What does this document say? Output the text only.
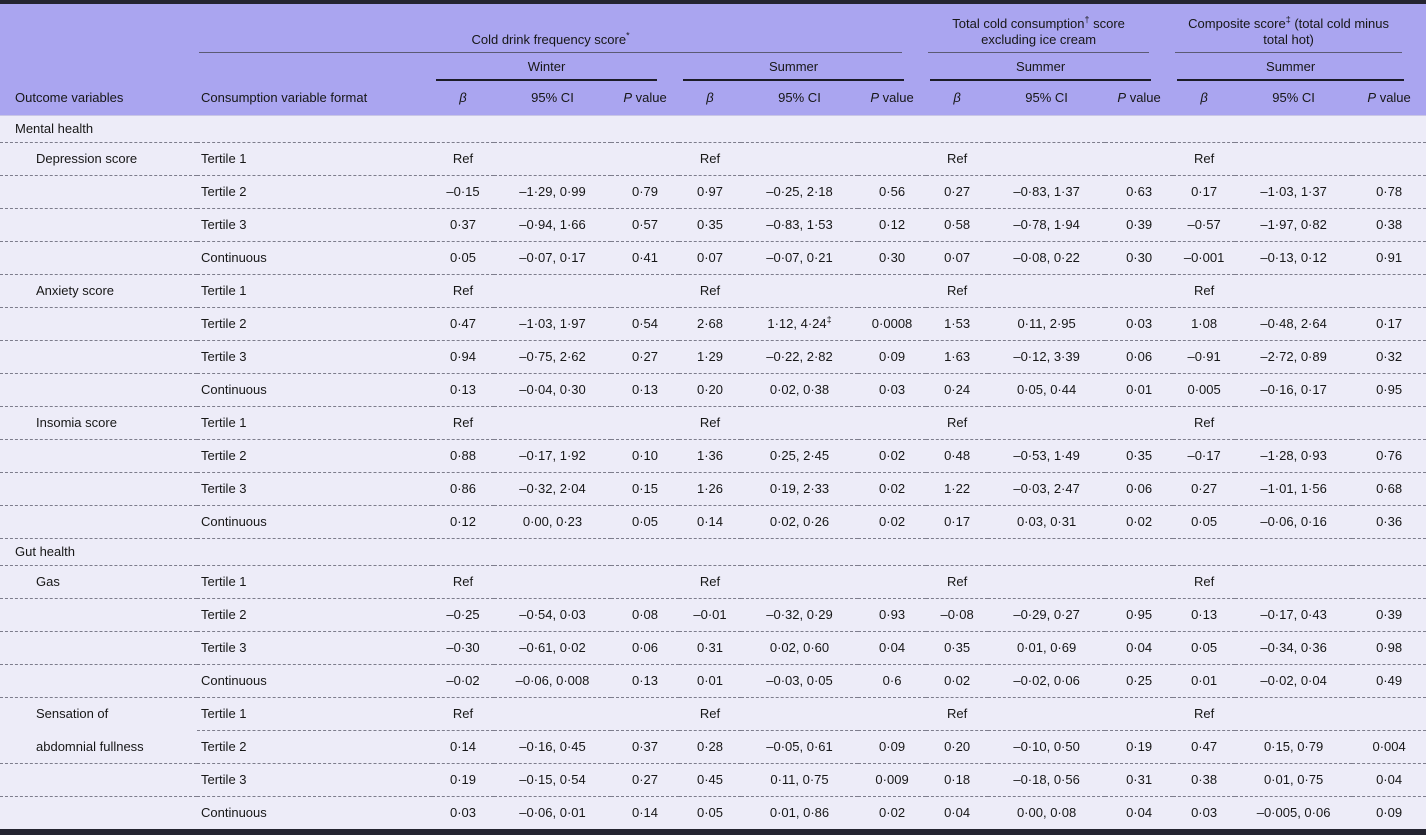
	Cold drink frequency score*							Total cold consumption† score excluding ice cream			Composite score‡ (total cold minus total hot)		

		Winter			Summer			Summer			Summer		

Outcome variables	Consumption variable format	β	95% CI	P value	β	95% CI	P value	β	95% CI	P value	β	95% CI	P value
Mental health													
Depression score	Tertile 1	Ref			Ref			Ref			Ref		
	Tertile 2	–0·15	–1·29, 0·99	0·79	0·97	–0·25, 2·18	0·56	0·27	–0·83, 1·37	0·63	0·17	–1·03, 1·37	0·78
	Tertile 3	0·37	–0·94, 1·66	0·57	0·35	–0·83, 1·53	0·12	0·58	–0·78, 1·94	0·39	–0·57	–1·97, 0·82	0·38
	Continuous	0·05	–0·07, 0·17	0·41	0·07	–0·07, 0·21	0·30	0·07	–0·08, 0·22	0·30	–0·001	–0·13, 0·12	0·91
Anxiety score	Tertile 1	Ref			Ref			Ref			Ref		
	Tertile 2	0·47	–1·03, 1·97	0·54	2·68	1·12, 4·24‡	0·0008	1·53	0·11, 2·95	0·03	1·08	–0·48, 2·64	0·17
	Tertile 3	0·94	–0·75, 2·62	0·27	1·29	–0·22, 2·82	0·09	1·63	–0·12, 3·39	0·06	–0·91	–2·72, 0·89	0·32
	Continuous	0·13	–0·04, 0·30	0·13	0·20	0·02, 0·38	0·03	0·24	0·05, 0·44	0·01	0·005	–0·16, 0·17	0·95
Insomia score	Tertile 1	Ref			Ref			Ref			Ref		
	Tertile 2	0·88	–0·17, 1·92	0·10	1·36	0·25, 2·45	0·02	0·48	–0·53, 1·49	0·35	–0·17	–1·28, 0·93	0·76
	Tertile 3	0·86	–0·32, 2·04	0·15	1·26	0·19, 2·33	0·02	1·22	–0·03, 2·47	0·06	0·27	–1·01, 1·56	0·68
	Continuous	0·12	0·00, 0·23	0·05	0·14	0·02, 0·26	0·02	0·17	0·03, 0·31	0·02	0·05	–0·06, 0·16	0·36
Gut health													
Gas	Tertile 1	Ref			Ref			Ref			Ref		
	Tertile 2	–0·25	–0·54, 0·03	0·08	–0·01	–0·32, 0·29	0·93	–0·08	–0·29, 0·27	0·95	0·13	–0·17, 0·43	0·39
	Tertile 3	–0·30	–0·61, 0·02	0·06	0·31	0·02, 0·60	0·04	0·35	0·01, 0·69	0·04	0·05	–0·34, 0·36	0·98
	Continuous	–0·02	–0·06, 0·008	0·13	0·01	–0·03, 0·05	0·6	0·02	–0·02, 0·06	0·25	0·01	–0·02, 0·04	0·49
Sensation of	Tertile 1	Ref			Ref			Ref			Ref		
abdomnial fullness	Tertile 2	0·14	–0·16, 0·45	0·37	0·28	–0·05, 0·61	0·09	0·20	–0·10, 0·50	0·19	0·47	0·15, 0·79	0·004
	Tertile 3	0·19	–0·15, 0·54	0·27	0·45	0·11, 0·75	0·009	0·18	–0·18, 0·56	0·31	0·38	0·01, 0·75	0·04
	Continuous	0·03	–0·06, 0·01	0·14	0·05	0·01, 0·86	0·02	0·04	0·00, 0·08	0·04	0·03	–0·005, 0·06	0·09
